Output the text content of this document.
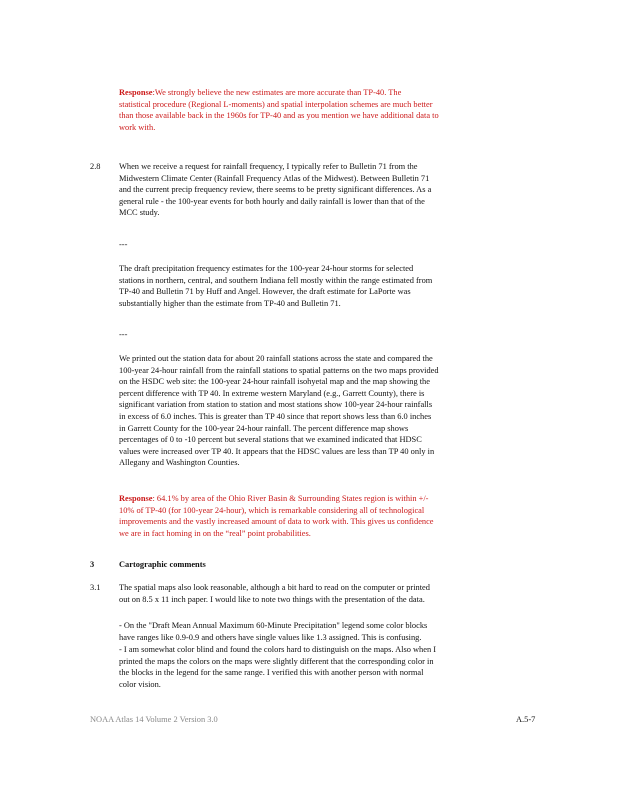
Response:We strongly believe the new estimates are more accurate than TP-40. The
statistical procedure (Regional L-moments) and spatial interpolation schemes are much better
than those available back in the 1960s for TP-40 and as you mention we have additional data to
work with.
2.8 When we receive a request for rainfall frequency, I typically refer to Bulletin 71 from the
Midwestern Climate Center (Rainfall Frequency Atlas of the Midwest). Between Bulletin 71
and the current precip frequency review, there seems to be pretty significant differences. As a
general rule - the 100-year events for both hourly and daily rainfall is lower than that of the
MCC study.
---
The draft precipitation frequency estimates for the 100-year 24-hour storms for selected
stations in northern, central, and southern Indiana fell mostly within the range estimated from
TP-40 and Bulletin 71 by Huff and Angel. However, the draft estimate for LaPorte was
substantially higher than the estimate from TP-40 and Bulletin 71.
---
We printed out the station data for about 20 rainfall stations across the state and compared the
100-year 24-hour rainfall from the rainfall stations to spatial patterns on the two maps provided
on the HSDC web site: the 100-year 24-hour rainfall isohyetal map and the map showing the
percent difference with TP 40. In extreme western Maryland (e.g., Garrett County), there is
significant variation from station to station and most stations show 100-year 24-hour rainfalls
in excess of 6.0 inches. This is greater than TP 40 since that report shows less than 6.0 inches
in Garrett County for the 100-year 24-hour rainfall. The percent difference map shows
percentages of 0 to -10 percent but several stations that we examined indicated that HDSC
values were increased over TP 40. It appears that the HDSC values are less than TP 40 only in
Allegany and Washington Counties.
Response: 64.1% by area of the Ohio River Basin & Surrounding States region is within +/-
10% of TP-40 (for 100-year 24-hour), which is remarkable considering all of technological
improvements and the vastly increased amount of data to work with. This gives us confidence
we are in fact homing in on the “real” point probabilities.
3	Cartographic comments
3.1 The spatial maps also look reasonable, although a bit hard to read on the computer or printed
out on 8.5 x 11 inch paper. I would like to note two things with the presentation of the data.
- On the "Draft Mean Annual Maximum 60-Minute Precipitation" legend some color blocks
have ranges like 0.9-0.9 and others have single values like 1.3 assigned. This is confusing.
- I am somewhat color blind and found the colors hard to distinguish on the maps. Also when I
printed the maps the colors on the maps were slightly different that the corresponding color in
the blocks in the legend for the same range. I verified this with another person with normal
color vision.
NOAA Atlas 14 Volume 2 Version 3.0	A.5-7
